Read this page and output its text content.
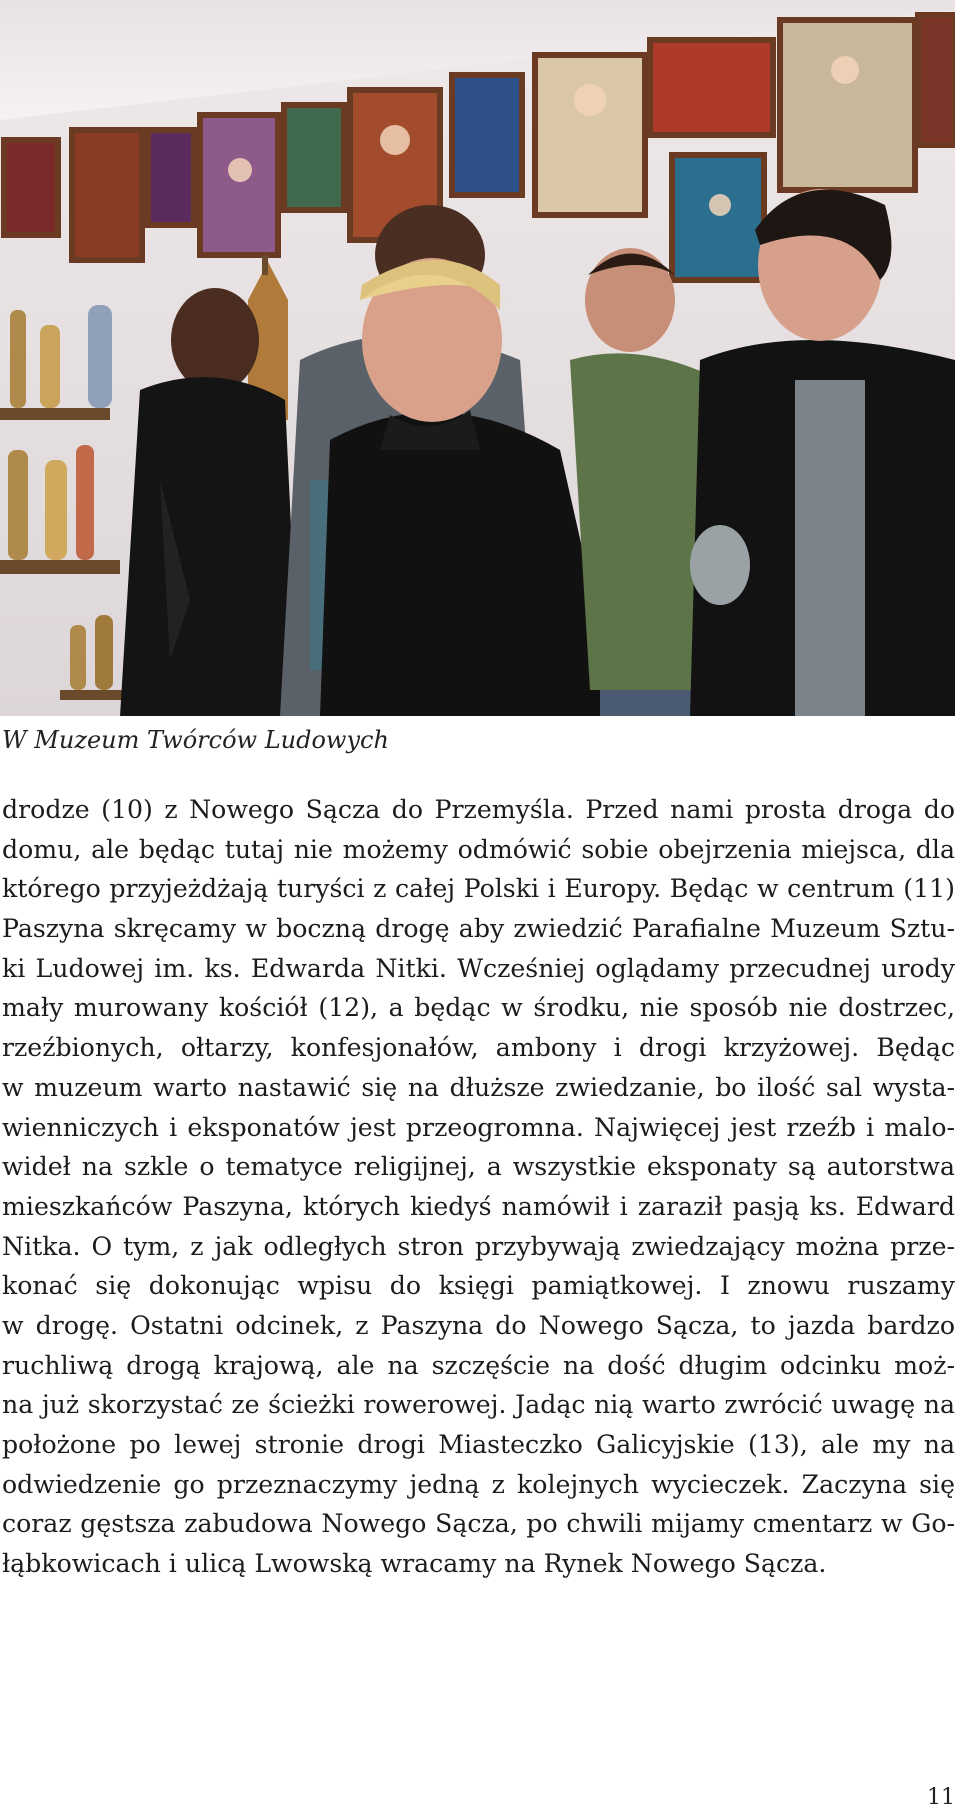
W Muzeum Twórców Ludowych
drodze (10) z Nowego Sącza do Przemyśla. Przed nami prosta droga do
domu, ale będąc tutaj nie możemy odmówić sobie obejrzenia miejsca, dla
którego przyjeżdżają turyści z całej Polski i Europy. Będąc w centrum (11)
Paszyna skręcamy w boczną drogę aby zwiedzić Parafialne Muzeum Sztu-
ki Ludowej im. ks. Edwarda Nitki. Wcześniej oglądamy przecudnej urody
mały murowany kościół (12), a będąc w środku, nie sposób nie dostrzec,
rzeźbionych, ołtarzy, konfesjonałów, ambony i drogi krzyżowej. Będąc
w muzeum warto nastawić się na dłuższe zwiedzanie, bo ilość sal wysta-
wienniczych i eksponatów jest przeogromna. Najwięcej jest rzeźb i malo-
wideł na szkle o tematyce religijnej, a wszystkie eksponaty są autorstwa
mieszkańców Paszyna, których kiedyś namówił i zaraził pasją ks. Edward
Nitka. O tym, z jak odległych stron przybywają zwiedzający można prze-
konać się dokonując wpisu do księgi pamiątkowej. I znowu ruszamy
w drogę. Ostatni odcinek, z Paszyna do Nowego Sącza, to jazda bardzo
ruchliwą drogą krajową, ale na szczęście na dość długim odcinku moż-
na już skorzystać ze ścieżki rowerowej. Jadąc nią warto zwrócić uwagę na
położone po lewej stronie drogi Miasteczko Galicyjskie (13), ale my na
odwiedzenie go przeznaczymy jedną z kolejnych wycieczek. Zaczyna się
coraz gęstsza zabudowa Nowego Sącza, po chwili mijamy cmentarz w Go-
łąbkowicach i ulicą Lwowską wracamy na Rynek Nowego Sącza.
11
